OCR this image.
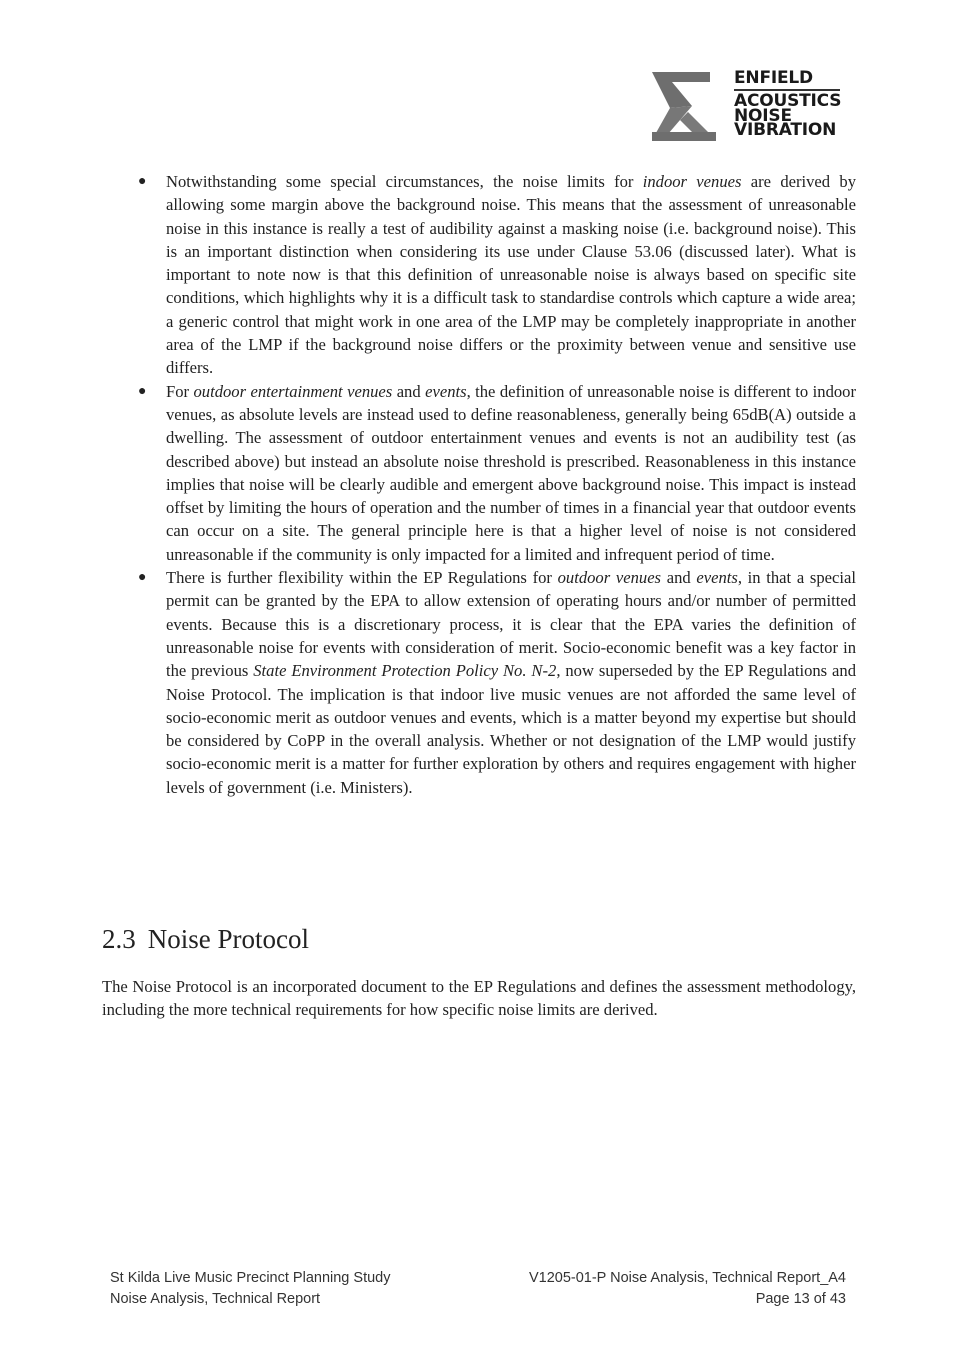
ENFIELD
ACOUSTICS
NOISE
VIBRATION
● Notwithstanding some special circumstances, the noise limits for indoor venues are derived by allowing some margin above the background noise. This means that the assessment of unreasonable noise in this instance is really a test of audibility against a masking noise (i.e. background noise). This is an important distinction when considering its use under Clause 53.06 (discussed later). What is important to note now is that this definition of unreasonable noise is always based on specific site conditions, which highlights why it is a difficult task to standardise controls which capture a wide area; a generic control that might work in one area of the LMP may be completely inappropriate in another area of the LMP if the background noise differs or the proximity between venue and sensitive use differs.
● For outdoor entertainment venues and events, the definition of unreasonable noise is different to indoor venues, as absolute levels are instead used to define reasonableness, generally being 65dB(A) outside a dwelling. The assessment of outdoor entertainment venues and events is not an audibility test (as described above) but instead an absolute noise threshold is prescribed. Reasonableness in this instance implies that noise will be clearly audible and emergent above background noise. This impact is instead offset by limiting the hours of operation and the number of times in a financial year that outdoor events can occur on a site. The general principle here is that a higher level of noise is not considered unreasonable if the community is only impacted for a limited and infrequent period of time.
● There is further flexibility within the EP Regulations for outdoor venues and events, in that a special permit can be granted by the EPA to allow extension of operating hours and/or number of permitted events. Because this is a discretionary process, it is clear that the EPA varies the definition of unreasonable noise for events with consideration of merit. Socio-economic benefit was a key factor in the previous State Environment Protection Policy No. N-2, now superseded by the EP Regulations and Noise Protocol. The implication is that indoor live music venues are not afforded the same level of socio-economic merit as outdoor venues and events, which is a matter beyond my expertise but should be considered by CoPP in the overall analysis. Whether or not designation of the LMP would justify socio-economic merit is a matter for further exploration by others and requires engagement with higher levels of government (i.e. Ministers).
2.3 Noise Protocol

The Noise Protocol is an incorporated document to the EP Regulations and defines the assessment methodology, including the more technical requirements for how specific noise limits are derived.

St Kilda Live Music Precinct Planning Study
Noise Analysis, Technical Report
V1205-01-P Noise Analysis, Technical Report_A4
Page 13 of 43
